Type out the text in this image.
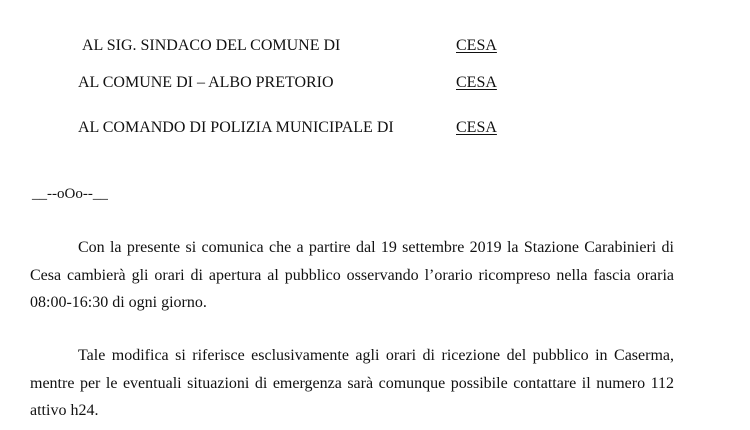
AL SIG. SINDACO DEL COMUNE DI	CESA
AL COMUNE DI – ALBO PRETORIO	CESA
AL COMANDO DI POLIZIA MUNICIPALE DI	CESA
__--oOo--__

Con la presente si comunica che a partire dal 19 settembre 2019 la Stazione Carabinieri di Cesa cambierà gli orari di apertura al pubblico osservando l’orario ricompreso nella fascia oraria 08:00-16:30 di ogni giorno.

Tale modifica si riferisce esclusivamente agli orari di ricezione del pubblico in Caserma, mentre per le eventuali situazioni di emergenza sarà comunque possibile contattare il numero 112 attivo h24.
